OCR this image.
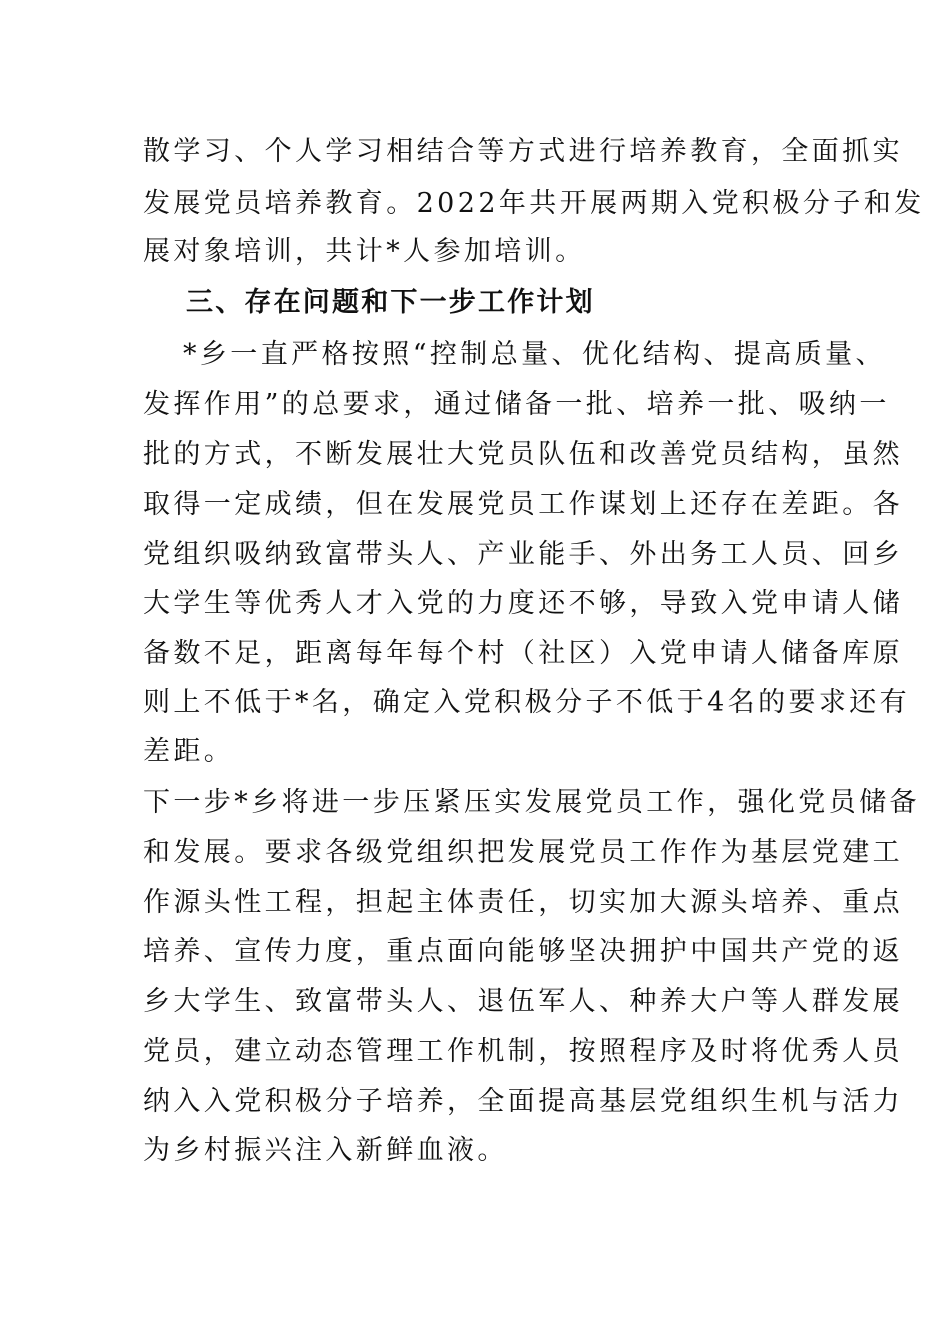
散学习、个人学习相结合等方式进行培养教育，全面抓实
发展党员培养教育。2022年共开展两期入党积极分子和发
展对象培训，共计*人参加培训。
三、存在问题和下一步工作计划
*乡一直严格按照“控制总量、优化结构、提高质量、
发挥作用”的总要求，通过储备一批、培养一批、吸纳一
批的方式，不断发展壮大党员队伍和改善党员结构，虽然
取得一定成绩，但在发展党员工作谋划上还存在差距。各
党组织吸纳致富带头人、产业能手、外出务工人员、回乡
大学生等优秀人才入党的力度还不够，导致入党申请人储
备数不足，距离每年每个村（社区）入党申请人储备库原
则上不低于*名，确定入党积极分子不低于4名的要求还有
差距。
下一步*乡将进一步压紧压实发展党员工作，强化党员储备
和发展。要求各级党组织把发展党员工作作为基层党建工
作源头性工程，担起主体责任，切实加大源头培养、重点
培养、宣传力度，重点面向能够坚决拥护中国共产党的返
乡大学生、致富带头人、退伍军人、种养大户等人群发展
党员，建立动态管理工作机制，按照程序及时将优秀人员
纳入入党积极分子培养，全面提高基层党组织生机与活力
为乡村振兴注入新鲜血液。
